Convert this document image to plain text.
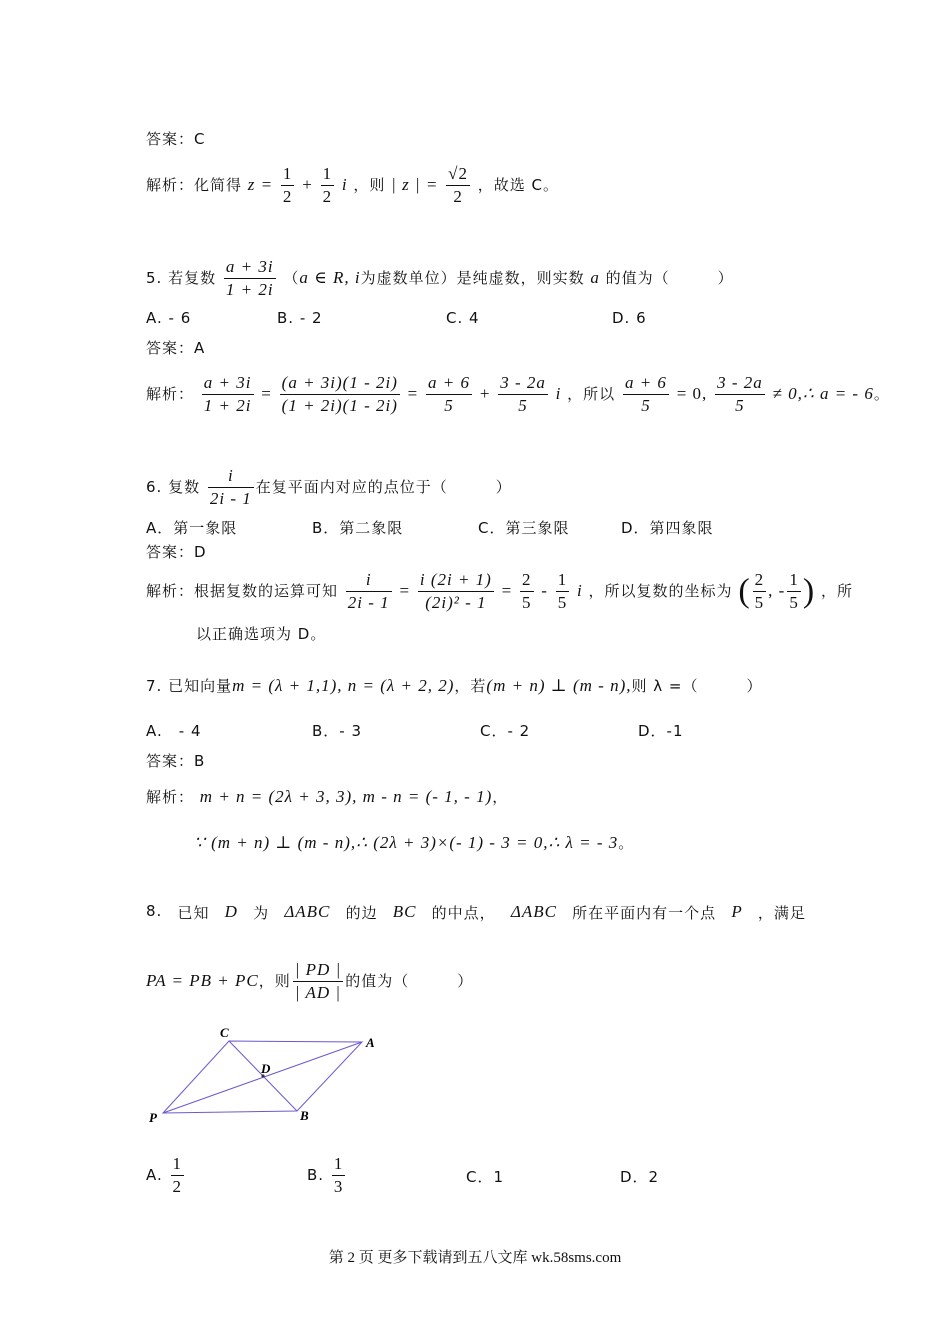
答案：C
解析：化简得 $z = \frac{1}{2} + \frac{1}{2}$ i ，则 | z | = $\frac{√2}{2}$ ，故选 C。
5. 若复数 $\frac{a + 3i}{1 + 2i} (a$ ∈ R, i为虚数单位）是纯虚数，则实数 a 的值为（　　　）
A. - 6	B. - 2	C. 4	D. 6
答案：A
解析： $\frac{a + 3i}{1 + 2i} = \frac{(a + 3i)(1 - 2i)}{(1 + 2i)(1 - 2i)} = \frac{a + 6}{5} + \frac{3 - 2a}{5}$ i ，所以 $\frac{a + 6}{5} = 0$, $\frac{3 - 2a}{5}$ ≠ 0,∴ a = - 6。
6. 复数 $\frac{i}{2i - 1}$ 在复平面内对应的点位于（　　　）
A．第一象限	B．第二象限	C．第三象限	D．第四象限
答案：D
解析：根据复数的运算可知 $\frac{i}{2i - 1} = \frac{i (2i + 1)}{\text{(2i)² - 1}} = \frac{2}{5} - \frac{1}{5}$ i ，所以复数的坐标为 ( $\frac{2}{5}$ , - $\frac{1}{5}$ ) ，所
以正确选项为 D。
7. 已知向量m = (λ + 1,1), n = (λ + 2, 2)，若(m + n) ⊥ (m - n),则 λ =（　　　）
A.　- 4	B．- 3	C．- 2	D．-1
答案：B
解析： m + n = (2λ + 3, 3), m - n = (- 1, - 1)，
∵ (m + n) ⊥ (m - n),∴ (2λ + 3)×(- 1) - 3 = 0,∴ λ = - 3。
8. 已知 D 为 ΔABC 的边 BC 的中点， ΔABC 所在平面内有一个点 P ，满足
PA = PB + PC，则 $\frac{| PD |}{| AD |}$ 的值为（　　　）
C
A
D
P	B
A. $\frac{1}{2}$	B. $\frac{1}{3}$	C．1	D．2
第 2 页 更多下载请到五八文库 wk.58sms.com
